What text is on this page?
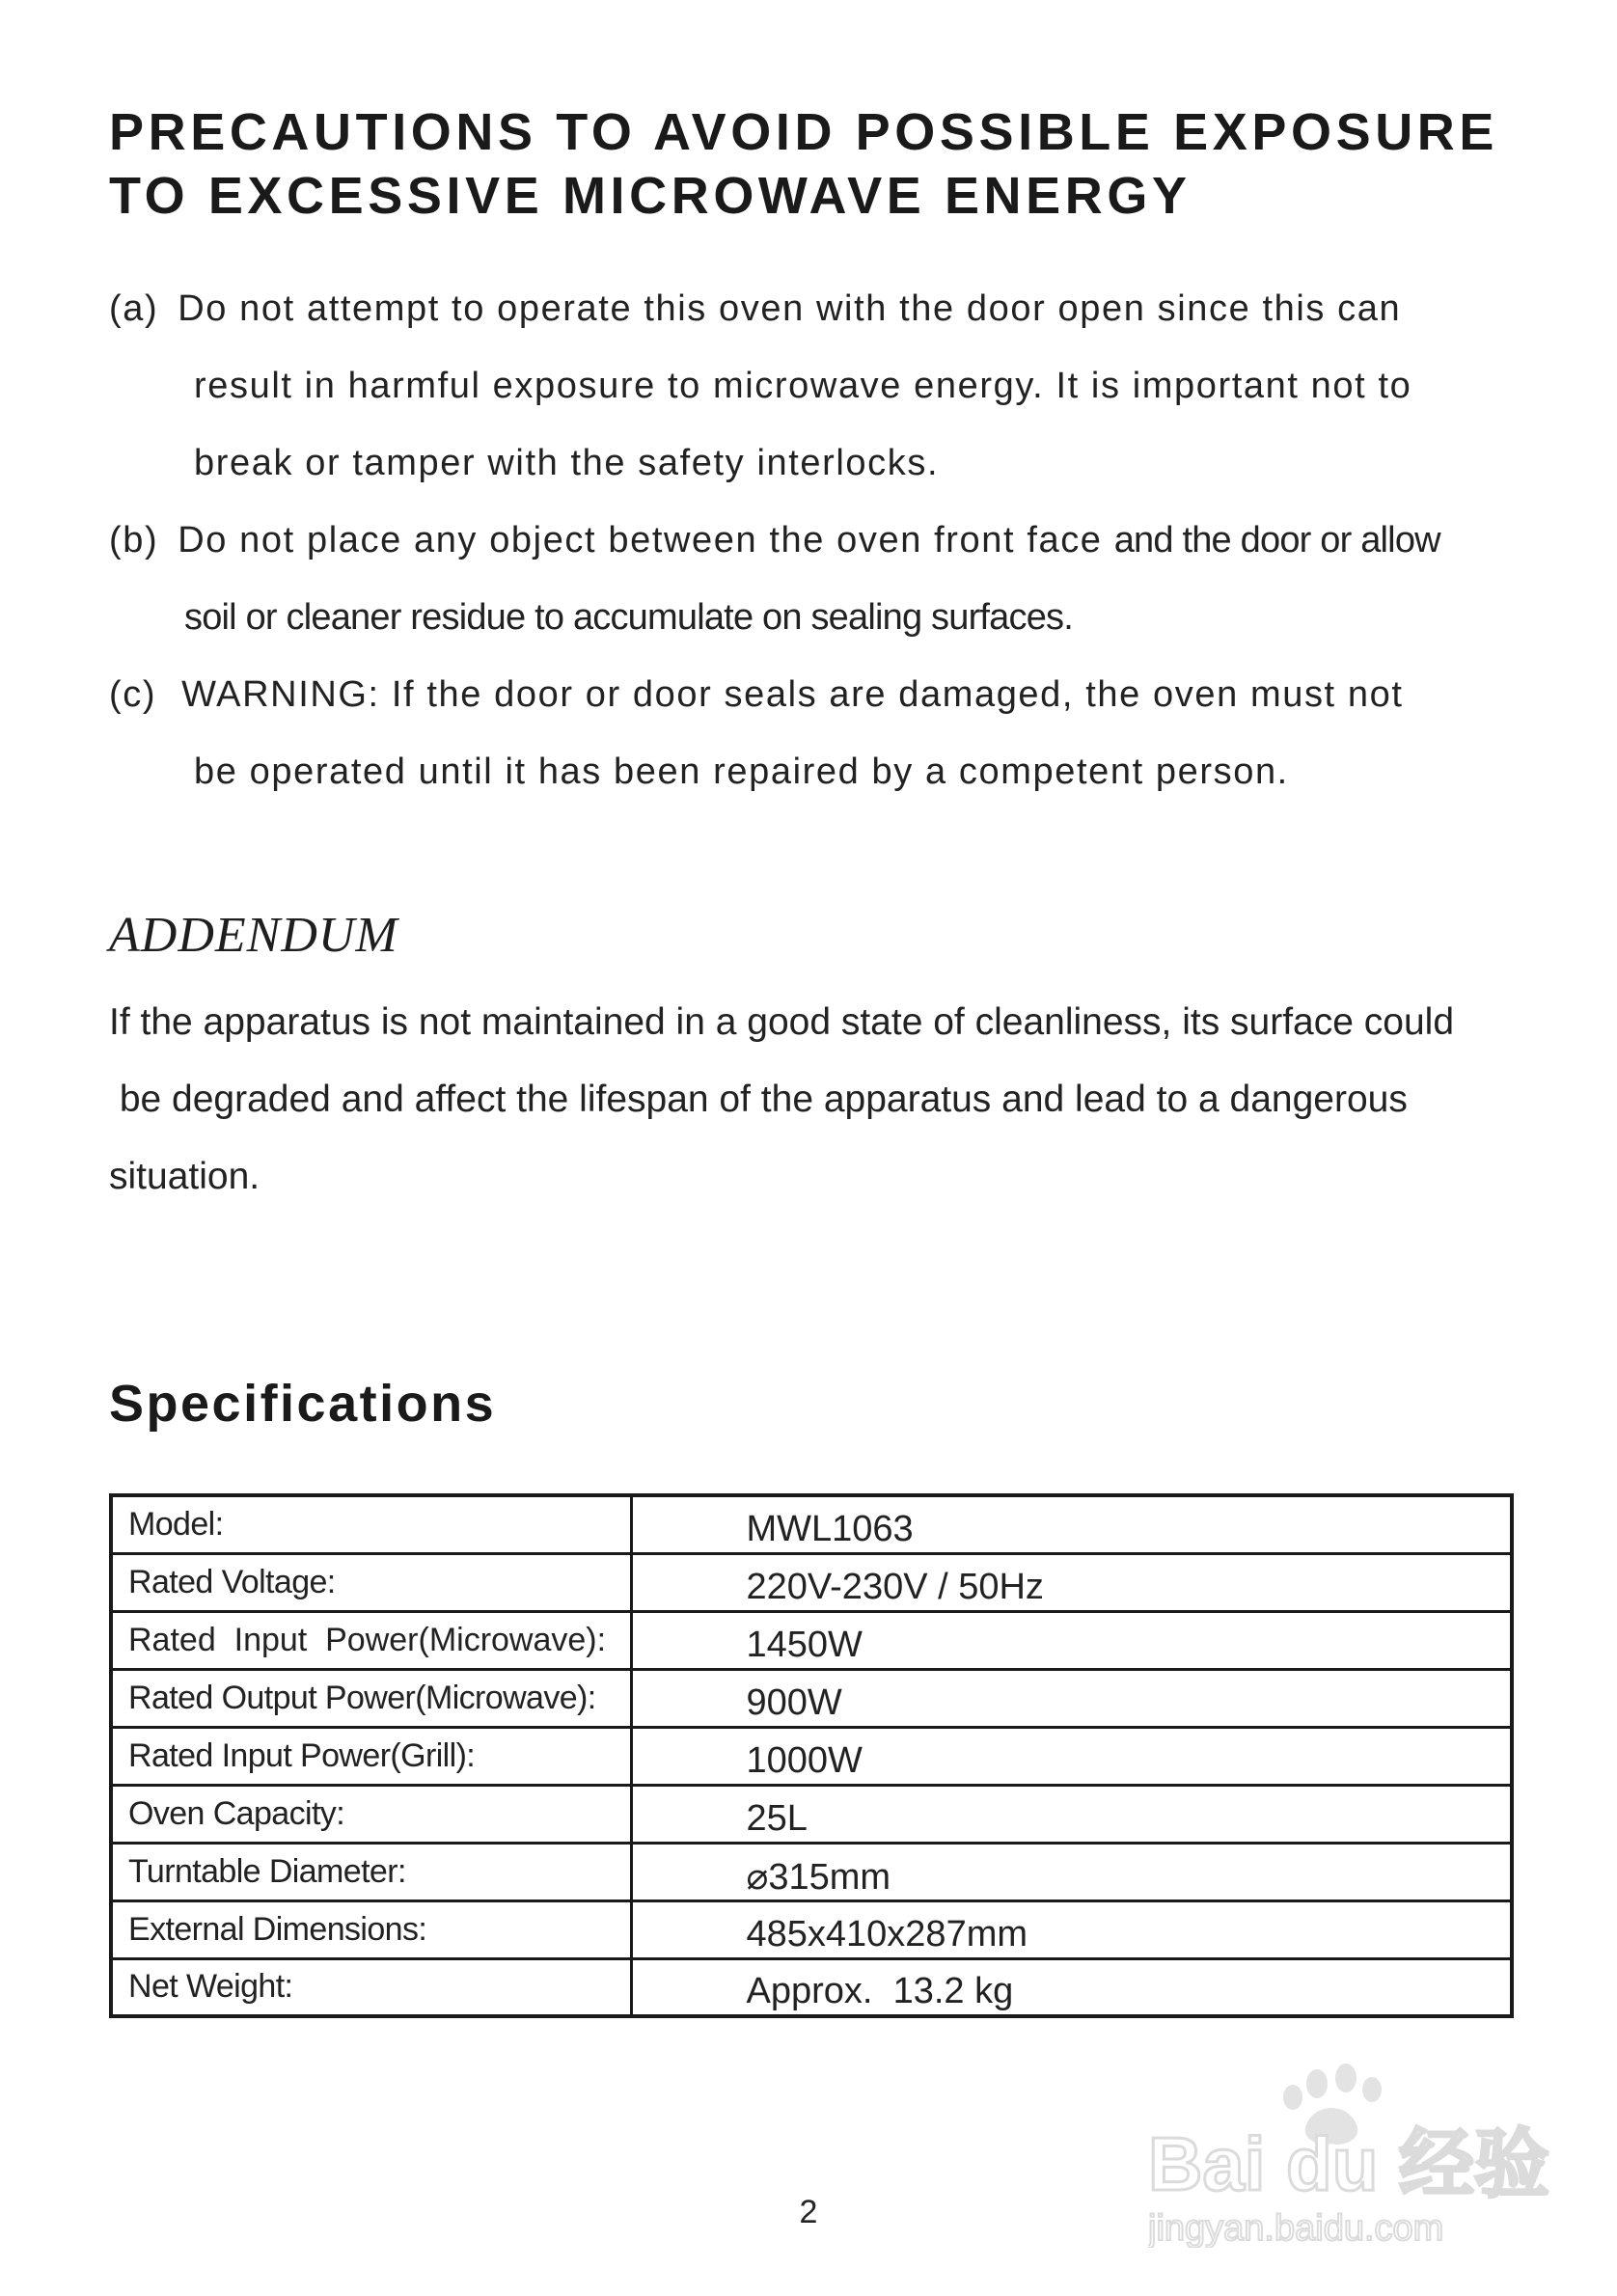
PRECAUTIONS TO AVOID POSSIBLE EXPOSURE
TO EXCESSIVE MICROWAVE ENERGY
(a) Do not attempt to operate this oven with the door open since this can
result in harmful exposure to microwave energy. It is important not to
break or tamper with the safety interlocks.
(b) Do not place any object between the oven front face and the door or allow
soil or cleaner residue to accumulate on sealing surfaces.
(c) WARNING: If the door or door seals are damaged, the oven must not
be operated until it has been repaired by a competent person.
ADDENDUM
If the apparatus is not maintained in a good state of cleanliness, its surface could
be degraded and affect the lifespan of the apparatus and lead to a dangerous
situation.
Specifications
Model:	MWL1063
Rated Voltage:	220V-230V / 50Hz
Rated  Input  Power(Microwave):	1450W
Rated Output Power(Microwave):	900W
Rated Input Power(Grill):	1000W
Oven Capacity:	25L
Turntable Diameter:	⌀315mm
External Dimensions:	485x410x287mm
Net Weight:	Approx.  13.2 kg
2
Bai du 经验
jingyan.baidu.com
